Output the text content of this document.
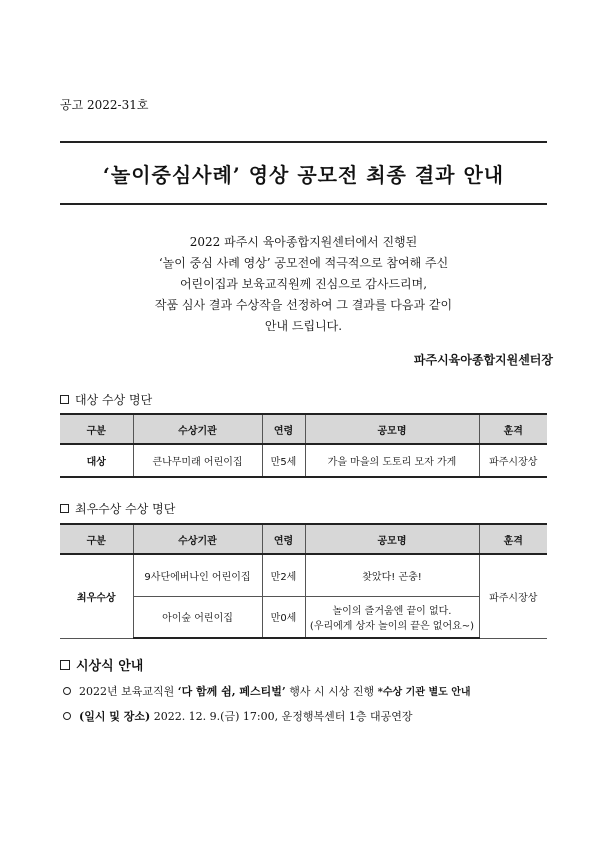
공고 2022-31호
‘놀이중심사례’ 영상 공모전 최종 결과 안내
2022 파주시 육아종합지원센터에서 진행된
‘놀이 중심 사례 영상’ 공모전에 적극적으로 참여해 주신
어린이집과 보육교직원께 진심으로 감사드리며,
작품 심사 결과 수상작을 선정하여 그 결과를 다음과 같이
안내 드립니다.
파주시육아종합지원센터장
대상 수상 명단
구분	수상기관	연령	공모명	훈격
대상	큰나무미래 어린이집	만5세	가을 마을의 도토리 모자 가게	파주시장상
최우수상 수상 명단
구분	수상기관	연령	공모명	훈격
최우수상	9사단에버나인 어린이집	만2세	찾았다! 곤충!	파주시장상
	아이숲 어린이집	만0세	놀이의 즐거움엔 끝이 없다.
(우리에게 상자 놀이의 끝은 없어요~)	
시상식 안내
2022년 보육교직원 ‘다 함께 쉼, 페스티벌’ 행사 시 시상 진행 *수상 기관 별도 안내
(일시 및 장소) 2022. 12. 9.(금) 17:00, 운정행복센터 1층 대공연장
